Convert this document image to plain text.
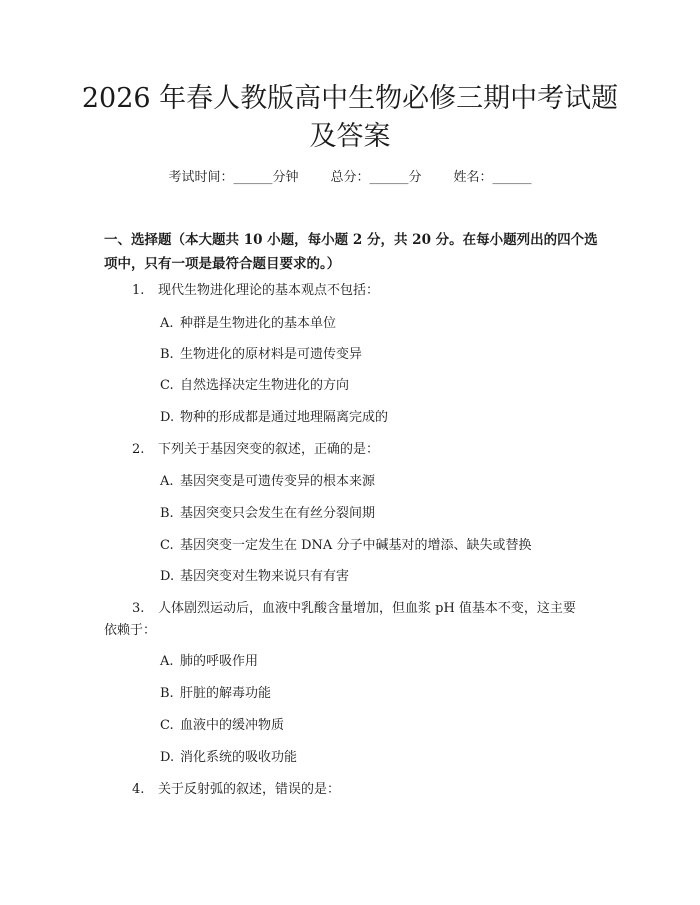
2026 年春人教版高中生物必修三期中考试题
及答案
考试时间：______分钟 总分：______分 姓名：______
一、选择题（本大题共 10 小题，每小题 2 分，共 20 分。在每小题列出的四个选
项中，只有一项是最符合题目要求的。）
1. 现代生物进化理论的基本观点不包括：
A. 种群是生物进化的基本单位
B. 生物进化的原材料是可遗传变异
C. 自然选择决定生物进化的方向
D. 物种的形成都是通过地理隔离完成的
2. 下列关于基因突变的叙述，正确的是：
A. 基因突变是可遗传变异的根本来源
B. 基因突变只会发生在有丝分裂间期
C. 基因突变一定发生在 DNA 分子中碱基对的增添、缺失或替换
D. 基因突变对生物来说只有有害
3. 人体剧烈运动后，血液中乳酸含量增加，但血浆 pH 值基本不变，这主要
依赖于：
A. 肺的呼吸作用
B. 肝脏的解毒功能
C. 血液中的缓冲物质
D. 消化系统的吸收功能
4. 关于反射弧的叙述，错误的是：
